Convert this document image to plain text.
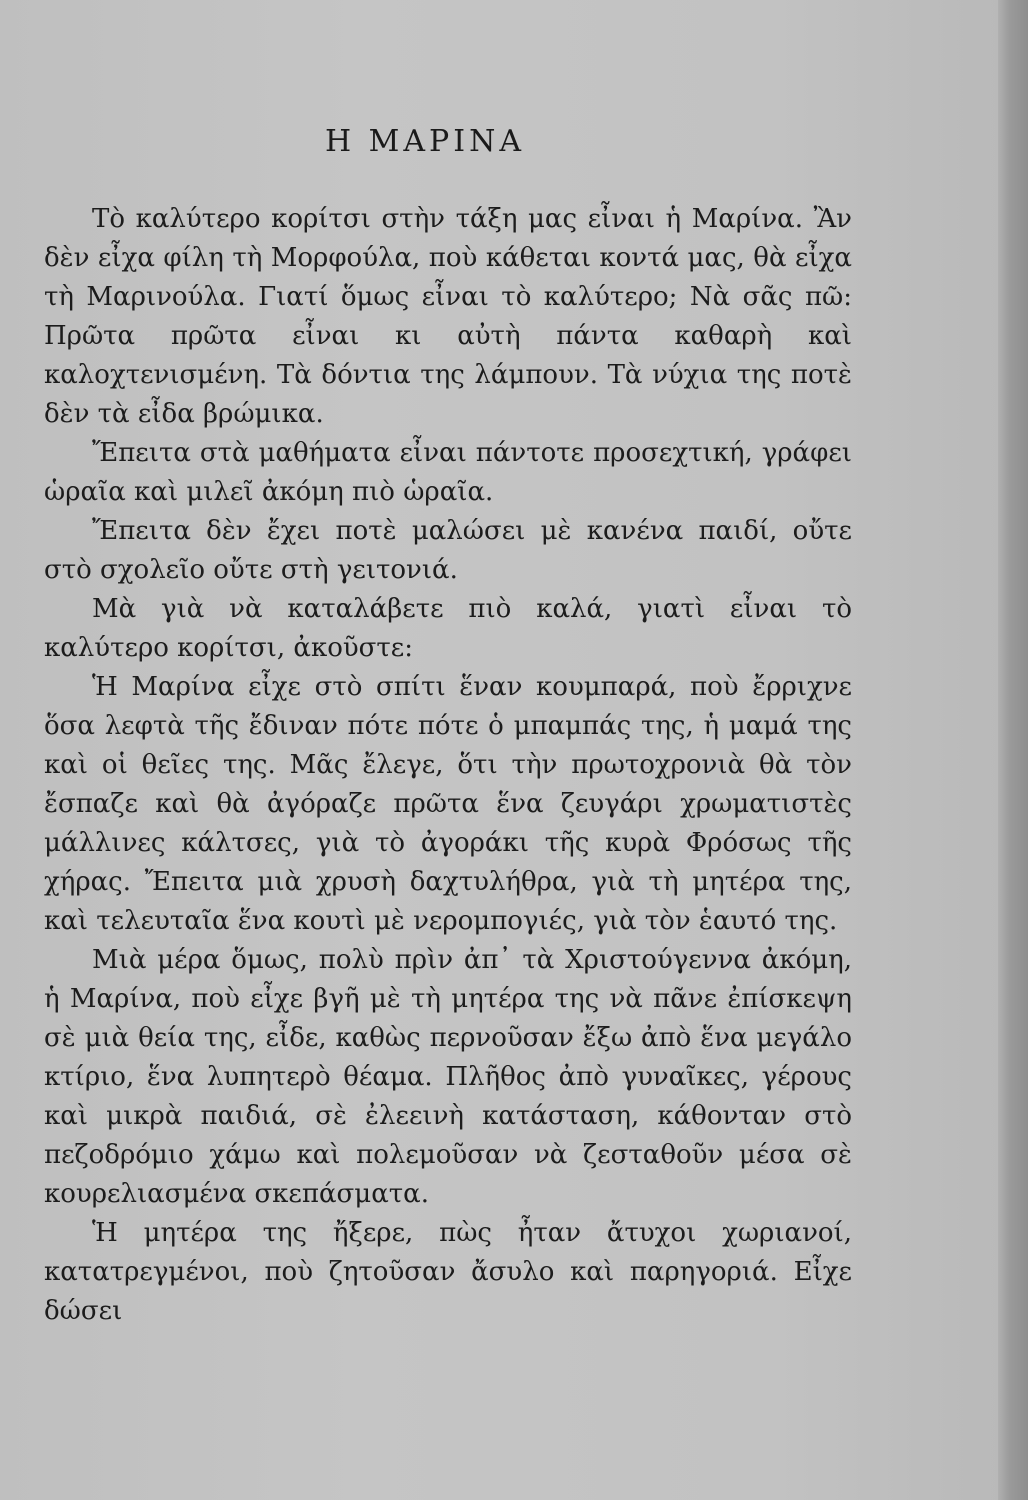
Η ΜΑΡΙΝΑ

Τὸ καλύτερο κορίτσι στὴν τάξη μας εἶναι ἡ Μαρίνα. Ἂν δὲν εἶχα φίλη τὴ Μορφούλα, ποὺ κάθεται κοντά μας, θὰ εἶχα τὴ Μαρινούλα. Γιατί ὅμως εἶναι τὸ καλύτερο; Νὰ σᾶς πῶ: Πρῶτα πρῶτα εἶναι κι αὐτὴ πάντα καθαρὴ καὶ καλοχτενισμένη. Τὰ δόντια της λάμπουν. Τὰ νύχια της ποτὲ δὲν τὰ εἶδα βρώμικα.

Ἔπειτα στὰ μαθήματα εἶναι πάντοτε προσεχτική, γράφει ὡραῖα καὶ μιλεῖ ἀκόμη πιὸ ὡραῖα.

Ἔπειτα δὲν ἔχει ποτὲ μαλώσει μὲ κανένα παιδί, οὔτε στὸ σχολεῖο οὔτε στὴ γειτονιά.

Μὰ γιὰ νὰ καταλάβετε πιὸ καλά, γιατὶ εἶναι τὸ καλύτερο κορίτσι, ἀκοῦστε:

Ἡ Μαρίνα εἶχε στὸ σπίτι ἕναν κουμπαρά, ποὺ ἔρριχνε ὅσα λεφτὰ τῆς ἔδιναν πότε πότε ὁ μπαμπάς της, ἡ μαμά της καὶ οἱ θεῖες της. Μᾶς ἔλεγε, ὅτι τὴν πρωτοχρονιὰ θὰ τὸν ἔσπαζε καὶ θὰ ἀγόραζε πρῶτα ἕνα ζευγάρι χρωματιστὲς μάλλινες κάλτσες, γιὰ τὸ ἀγοράκι τῆς κυρὰ Φρόσως τῆς χήρας. Ἔπειτα μιὰ χρυσὴ δαχτυλήθρα, γιὰ τὴ μητέρα της, καὶ τελευταῖα ἕνα κουτὶ μὲ νερομπογιές, γιὰ τὸν ἑαυτό της.

Μιὰ μέρα ὅμως, πολὺ πρὶν ἀπ᾽ τὰ Χριστούγεννα ἀκόμη, ἡ Μαρίνα, ποὺ εἶχε βγῆ μὲ τὴ μητέρα της νὰ πᾶνε ἐπίσκεψη σὲ μιὰ θεία της, εἶδε, καθὼς περνοῦσαν ἔξω ἀπὸ ἕνα μεγάλο κτίριο, ἕνα λυπητερὸ θέαμα. Πλῆθος ἀπὸ γυναῖκες, γέρους καὶ μικρὰ παιδιά, σὲ ἐλεεινὴ κατάσταση, κάθονταν στὸ πεζοδρόμιο χάμω καὶ πολεμοῦσαν νὰ ζεσταθοῦν μέσα σὲ κουρελιασμένα σκεπάσματα.

Ἡ μητέρα της ἤξερε, πὼς ἦταν ἄτυχοι χωριανοί, κατατρεγμένοι, ποὺ ζητοῦσαν ἄσυλο καὶ παρηγοριά. Εἶχε δώσει
